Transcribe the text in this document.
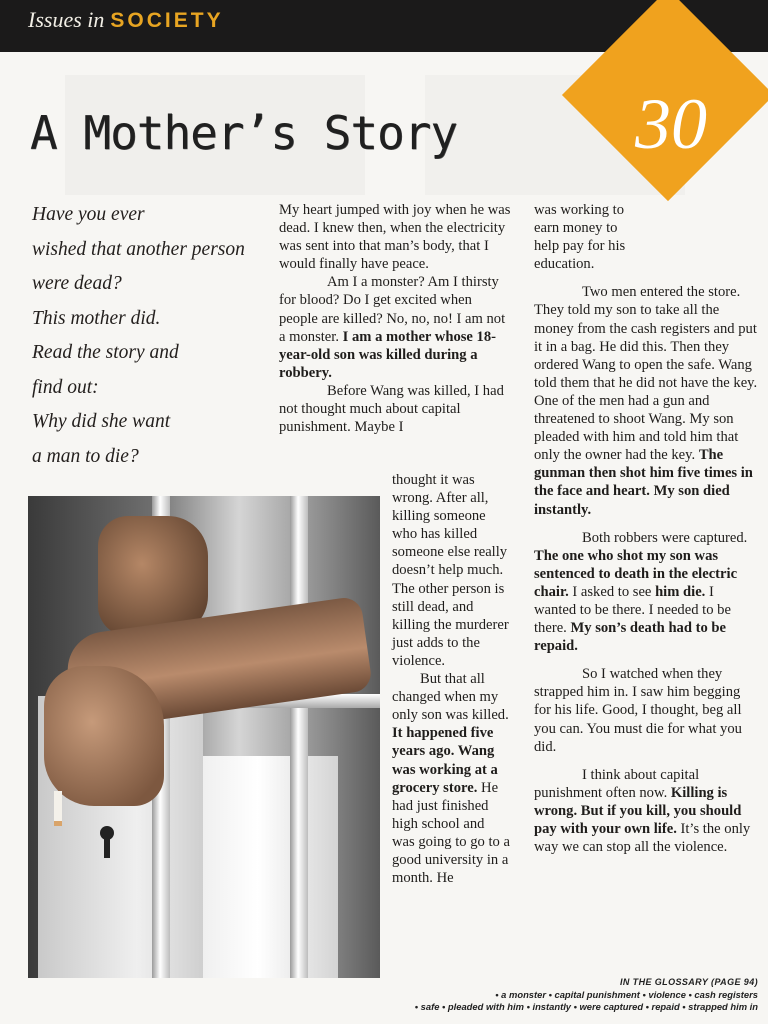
Issues in SOCIETY
30
A Mother’s Story

Have you ever

wished that another person

were dead?

This mother did.

Read the story and

find out:

Why did she want

a man to die?

My heart jumped with joy when he was dead. I knew then, when the electricity was sent into that man’s body, that I would finally have peace.

Am I a monster? Am I thirsty for blood? Do I get excited when people are killed? No, no, no! I am not a monster. I am a mother whose 18-year-old son was killed during a robbery.

Before Wang was killed, I had not thought much about capital punishment. Maybe I

thought it was wrong. After all, killing someone who has killed someone else really doesn’t help much. The other person is still dead, and killing the murderer just adds to the violence.

But that all changed when my only son was killed. It happened five years ago. Wang was working at a grocery store. He had just finished high school and was going to go to a good university in a month. He

was working to earn money to help pay for his education.

Two men entered the store. They told my son to take all the money from the cash registers and put it in a bag. He did this. Then they ordered Wang to open the safe. Wang told them that he did not have the key. One of the men had a gun and threatened to shoot Wang. My son pleaded with him and told him that only the owner had the key. The gunman then shot him five times in the face and heart. My son died instantly.

Both robbers were captured. The one who shot my son was sentenced to death in the electric chair. I asked to see him die. I wanted to be there. I needed to be there. My son’s death had to be repaid.

So I watched when they strapped him in. I saw him begging for his life. Good, I thought, beg all you can. You must die for what you did.

I think about capital punishment often now. Killing is wrong. But if you kill, you should pay with your own life. It’s the only way we can stop all the violence.

IN THE GLOSSARY (PAGE 94)

• a monster • capital punishment • violence • cash registers

• safe • pleaded with him • instantly • were captured • repaid • strapped him in
